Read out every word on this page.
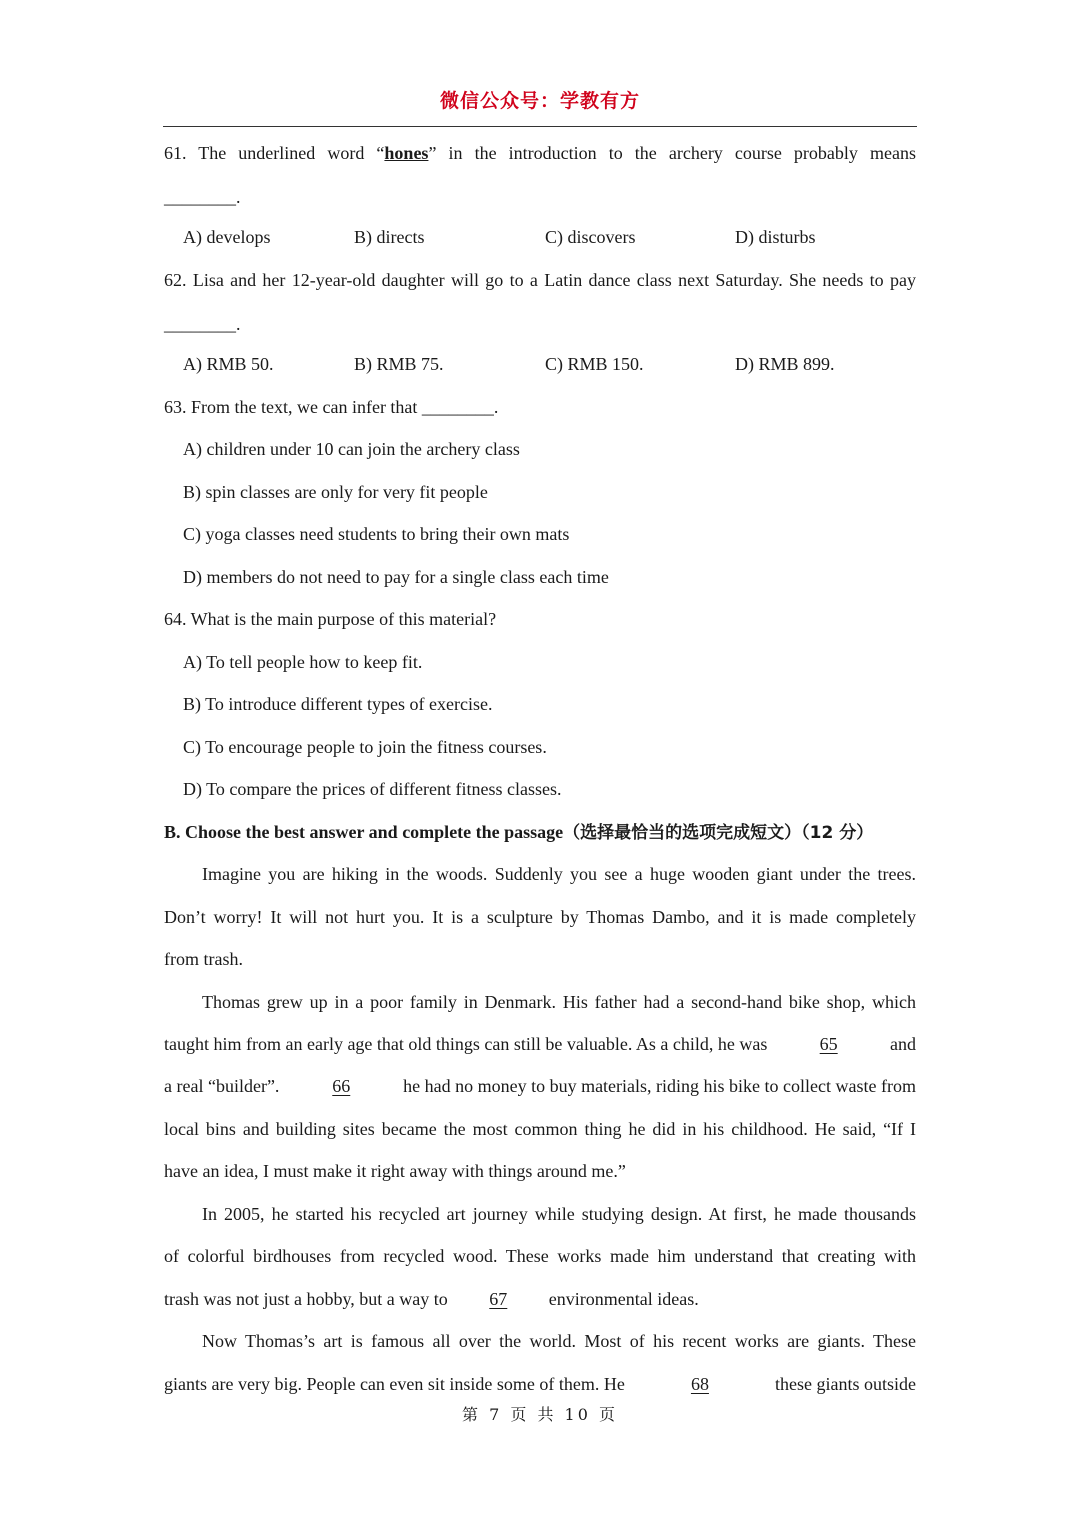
微信公众号：学教有方
61. The underlined word “hones” in the introduction to the archery course probably means
________.
A) develops	B) directs	C) discovers	D) disturbs
62. Lisa and her 12-year-old daughter will go to a Latin dance class next Saturday. She needs to pay
________.
A) RMB 50.	B) RMB 75.	C) RMB 150.	D) RMB 899.
63. From the text, we can infer that ________.
A) children under 10 can join the archery class
B) spin classes are only for very fit people
C) yoga classes need students to bring their own mats
D) members do not need to pay for a single class each time
64. What is the main purpose of this material?
A) To tell people how to keep fit.
B) To introduce different types of exercise.
C) To encourage people to join the fitness courses.
D) To compare the prices of different fitness classes.
B. Choose the best answer and complete the passage（选择最恰当的选项完成短文）（12 分）
Imagine you are hiking in the woods. Suddenly you see a huge wooden giant under the trees.
Don’t worry! It will not hurt you. It is a sculpture by Thomas Dambo, and it is made completely
from trash.
Thomas grew up in a poor family in Denmark. His father had a second-hand bike shop, which
taught him from an early age that old things can still be valuable. As a child, he was	65	and
a real “builder”.	66	he had no money to buy materials, riding his bike to collect waste from
local bins and building sites became the most common thing he did in his childhood. He said, “If I
have an idea, I must make it right away with things around me.”
In 2005, he started his recycled art journey while studying design. At first, he made thousands
of colorful birdhouses from recycled wood. These works made him understand that creating with
trash was not just a hobby, but a way to 67 environmental ideas.
Now Thomas’s art is famous all over the world. Most of his recent works are giants. These
giants are very big. People can even sit inside some of them. He	68	these giants outside
第 7 页 共 10 页
